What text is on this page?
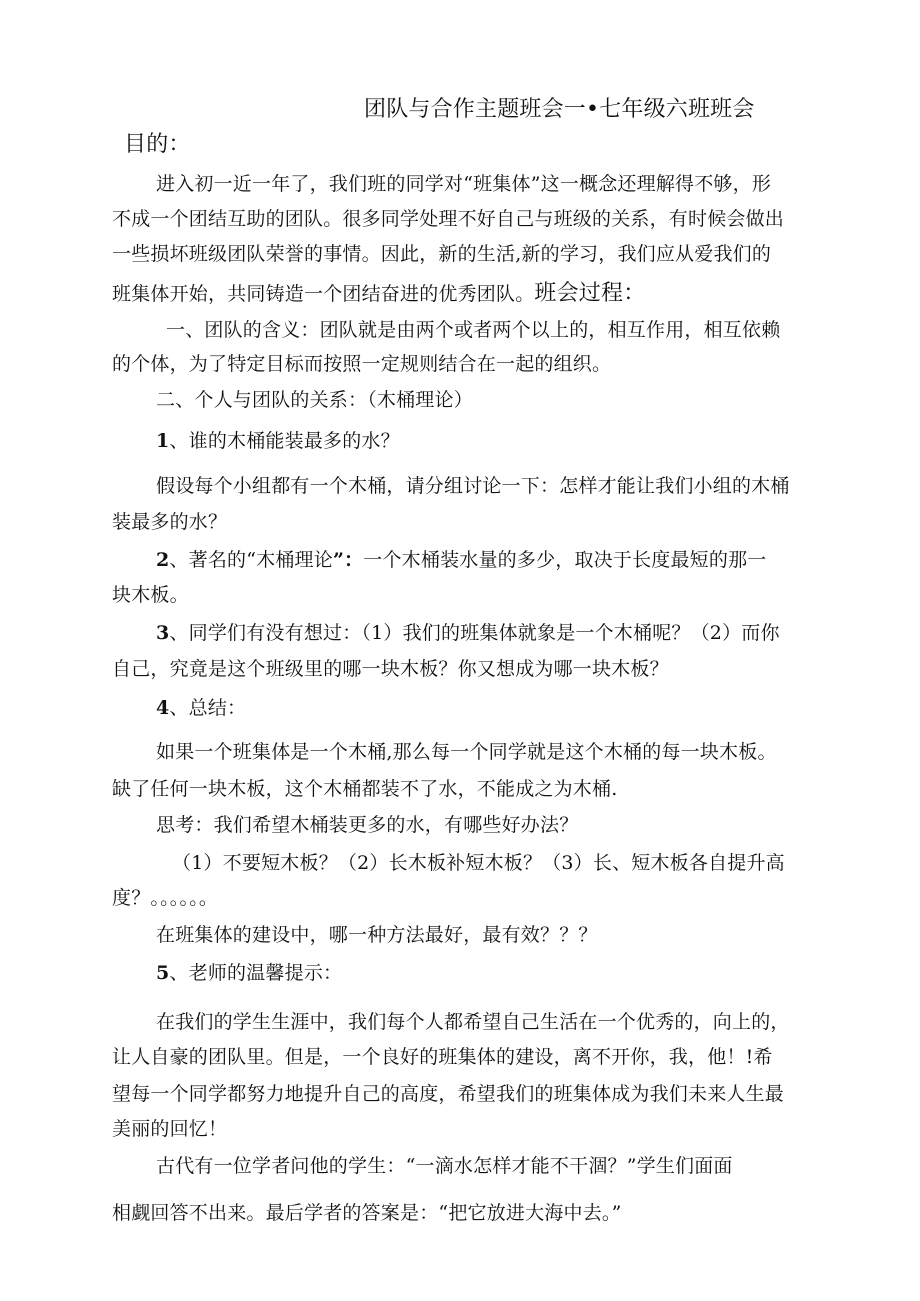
团队与合作主题班会一•七年级六班班会
目的：
进入初一近一年了，我们班的同学对“班集体”这一概念还理解得不够，形
不成一个团结互助的团队。很多同学处理不好自己与班级的关系，有时候会做出
一些损坏班级团队荣誉的事情。因此，新的生活,新的学习，我们应从爱我们的
班集体开始，共同铸造一个团结奋进的优秀团队。班会过程：
一、团队的含义：团队就是由两个或者两个以上的，相互作用，相互依赖
的个体，为了特定目标而按照一定规则结合在一起的组织。
二、个人与团队的关系：（木桶理论）
1、谁的木桶能装最多的水？
假设每个小组都有一个木桶，请分组讨论一下：怎样才能让我们小组的木桶
装最多的水？
2、著名的“木桶理论”：一个木桶装水量的多少，取决于长度最短的那一
块木板。
3、同学们有没有想过：（1）我们的班集体就象是一个木桶呢？（2）而你
自己，究竟是这个班级里的哪一块木板？你又想成为哪一块木板？
4、总结：
如果一个班集体是一个木桶,那么每一个同学就是这个木桶的每一块木板。
缺了任何一块木板，这个木桶都装不了水，不能成之为木桶.
思考：我们希望木桶装更多的水，有哪些好办法？
（1）不要短木板？（2）长木板补短木板？（3）长、短木板各自提升高
度？。。。。。。
在班集体的建设中，哪一种方法最好，最有效？？？
5、老师的温馨提示：
在我们的学生生涯中，我们每个人都希望自己生活在一个优秀的，向上的，
让人自豪的团队里。但是，一个良好的班集体的建设，离不开你，我，他！!希
望每一个同学都努力地提升自己的高度，希望我们的班集体成为我们未来人生最
美丽的回忆！
古代有一位学者问他的学生：“一滴水怎样才能不干涸？”学生们面面
相觑回答不出来。最后学者的答案是：“把它放进大海中去。”
